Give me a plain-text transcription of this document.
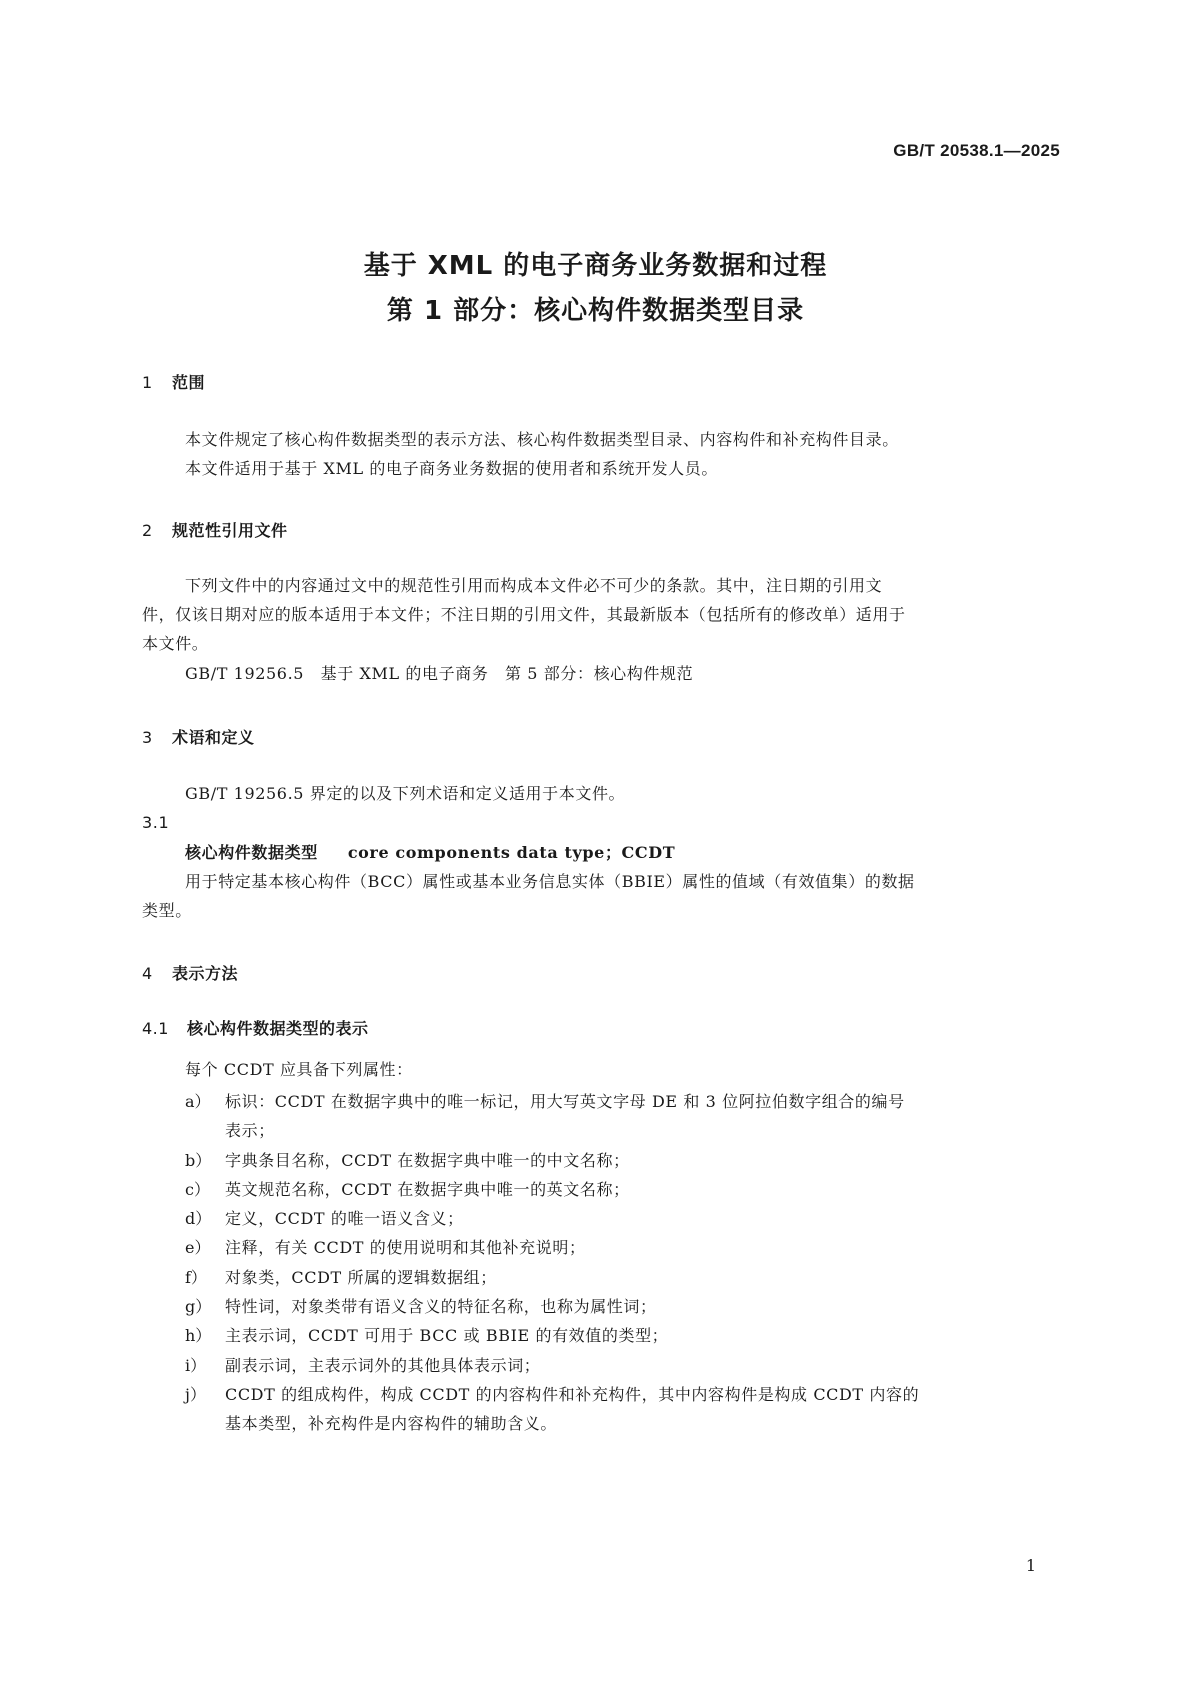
GB/T 20538.1—2025
基于 XML 的电子商务业务数据和过程
第 1 部分：核心构件数据类型目录
1 范围
本文件规定了核心构件数据类型的表示方法、核心构件数据类型目录、内容构件和补充构件目录。
本文件适用于基于 XML 的电子商务业务数据的使用者和系统开发人员。
2 规范性引用文件
下列文件中的内容通过文中的规范性引用而构成本文件必不可少的条款。其中，注日期的引用文
件，仅该日期对应的版本适用于本文件；不注日期的引用文件，其最新版本（包括所有的修改单）适用于
本文件。
GB/T 19256.5　基于 XML 的电子商务　第 5 部分：核心构件规范
3 术语和定义
GB/T 19256.5 界定的以及下列术语和定义适用于本文件。
3.1
核心构件数据类型 core components data type；CCDT
用于特定基本核心构件（BCC）属性或基本业务信息实体（BBIE）属性的值域（有效值集）的数据
类型。
4 表示方法
4.1 核心构件数据类型的表示
每个 CCDT 应具备下列属性：
a） 标识：CCDT 在数据字典中的唯一标记，用大写英文字母 DE 和 3 位阿拉伯数字组合的编号
表示；
b） 字典条目名称，CCDT 在数据字典中唯一的中文名称；
c） 英文规范名称，CCDT 在数据字典中唯一的英文名称；
d） 定义，CCDT 的唯一语义含义；
e） 注释，有关 CCDT 的使用说明和其他补充说明；
f） 对象类，CCDT 所属的逻辑数据组；
g） 特性词，对象类带有语义含义的特征名称，也称为属性词；
h） 主表示词，CCDT 可用于 BCC 或 BBIE 的有效值的类型；
i） 副表示词，主表示词外的其他具体表示词；
j） CCDT 的组成构件，构成 CCDT 的内容构件和补充构件，其中内容构件是构成 CCDT 内容的
基本类型，补充构件是内容构件的辅助含义。
1
